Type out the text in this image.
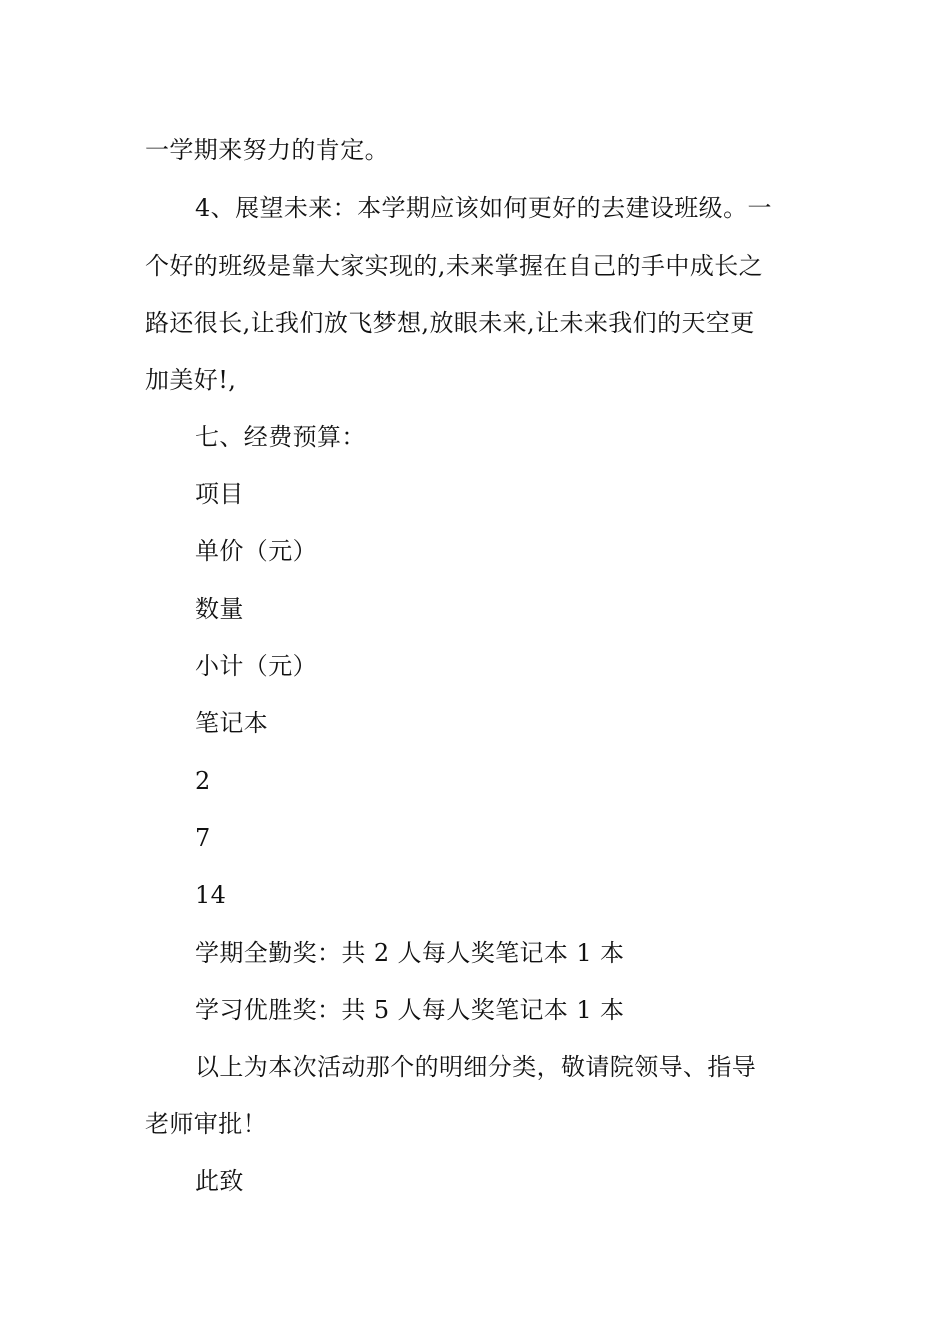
一学期来努力的肯定。
4、展望未来：本学期应该如何更好的去建设班级。一
个好的班级是靠大家实现的,未来掌握在自己的手中成长之
路还很长,让我们放飞梦想,放眼未来,让未来我们的天空更
加美好!,
七、经费预算：
项目
单价（元）
数量
小计（元）
笔记本
2
7
14
学期全勤奖：共 2 人每人奖笔记本 1 本
学习优胜奖：共 5 人每人奖笔记本 1 本
以上为本次活动那个的明细分类，敬请院领导、指导
老师审批！
此致
